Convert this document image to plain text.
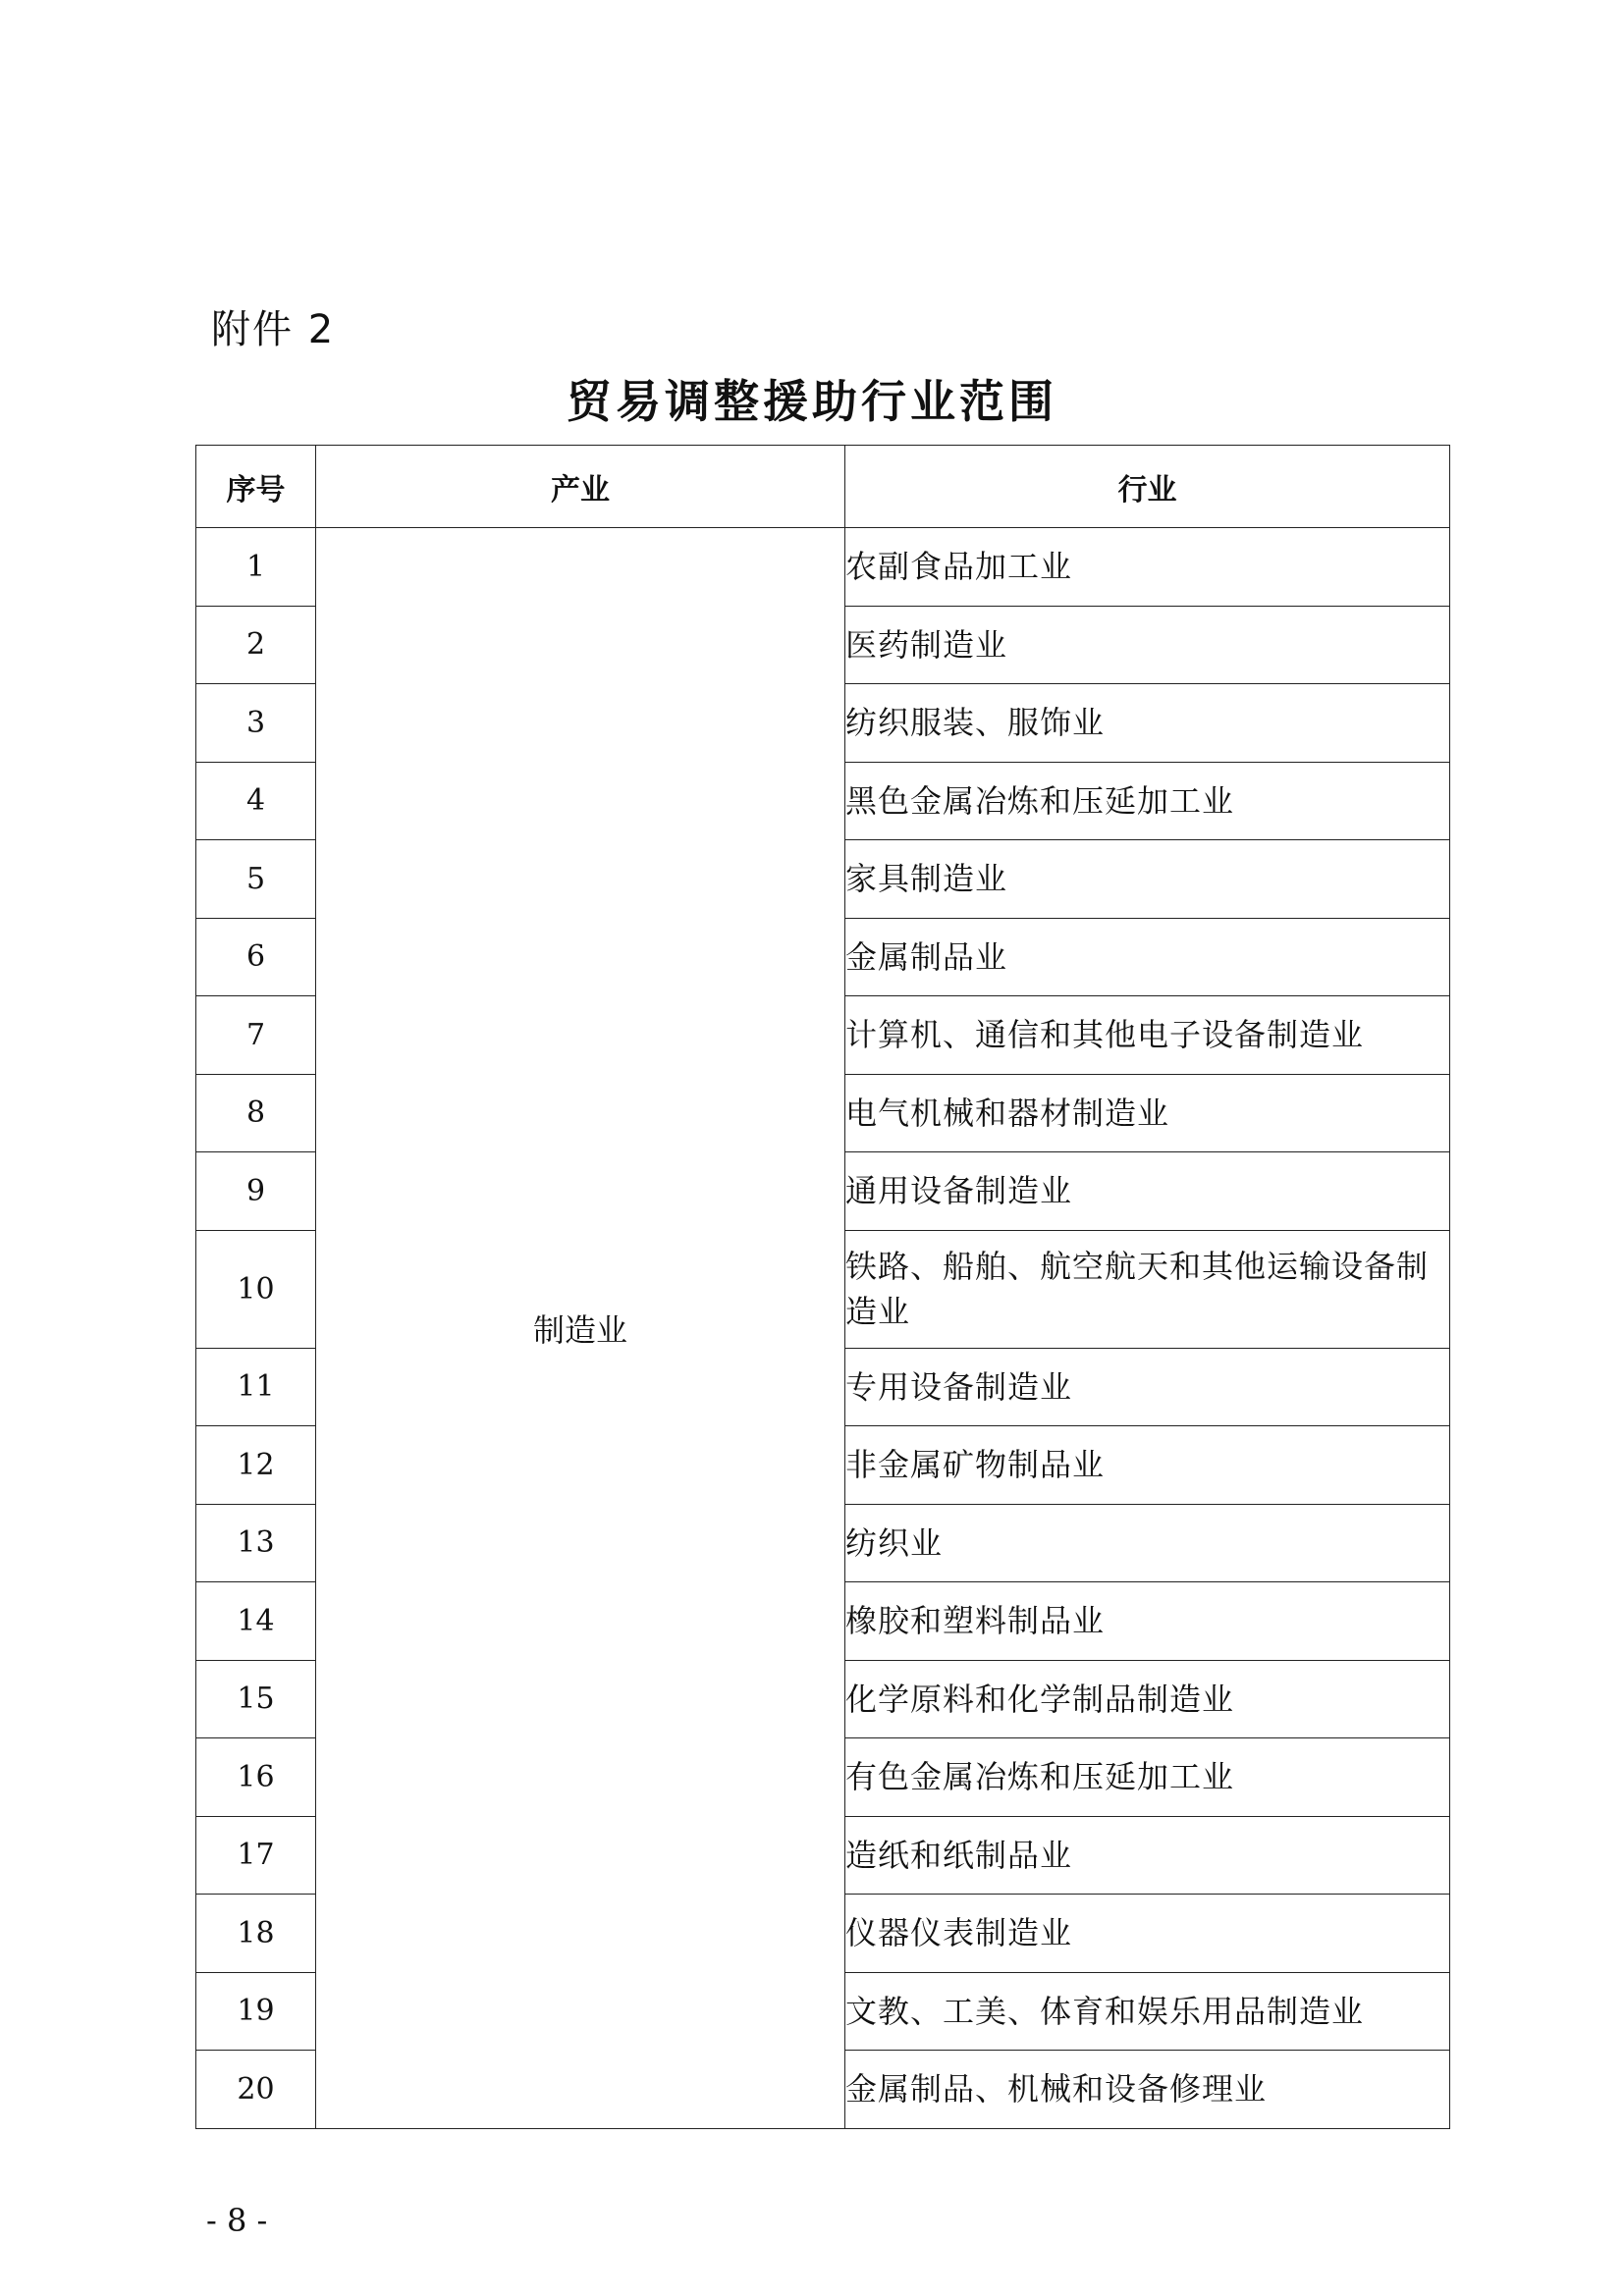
附件 2
贸易调整援助行业范围
序号	产业	行业
1	制造业	农副食品加工业
2		医药制造业
3		纺织服装、服饰业
4		黑色金属冶炼和压延加工业
5		家具制造业
6		金属制品业
7		计算机、通信和其他电子设备制造业
8		电气机械和器材制造业
9		通用设备制造业
10		铁路、船舶、航空航天和其他运输设备制造业
11		专用设备制造业
12		非金属矿物制品业
13		纺织业
14		橡胶和塑料制品业
15		化学原料和化学制品制造业
16		有色金属冶炼和压延加工业
17		造纸和纸制品业
18		仪器仪表制造业
19		文教、工美、体育和娱乐用品制造业
20		金属制品、机械和设备修理业
- 8 -
